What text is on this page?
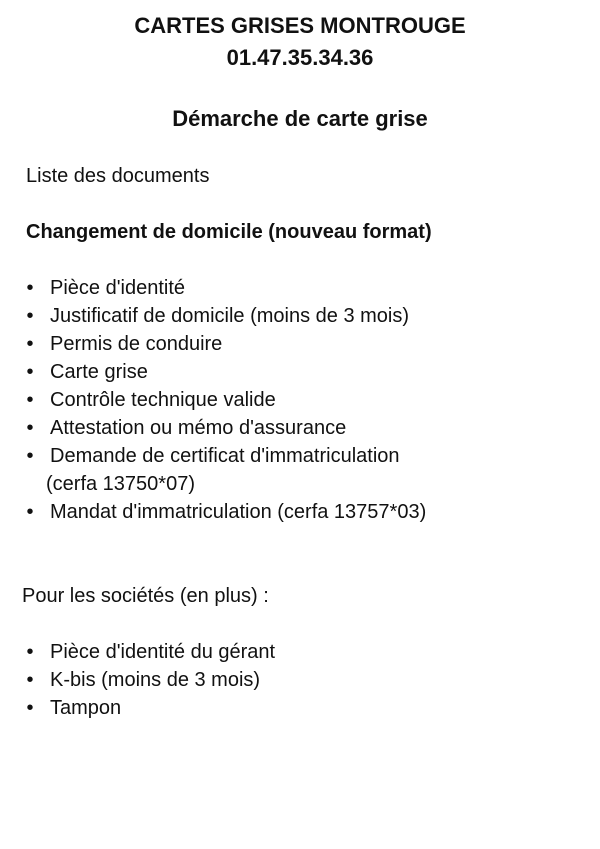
CARTES GRISES MONTROUGE
01.47.35.34.36
Démarche de carte grise
Liste des documents
Changement de domicile (nouveau format)
• Pièce d'identité
• Justificatif de domicile (moins de 3 mois)
• Permis de conduire
• Carte grise
• Contrôle technique valide
• Attestation ou mémo d'assurance
• Demande de certificat d'immatriculation
(cerfa 13750*07)
• Mandat d'immatriculation (cerfa 13757*03)
Pour les sociétés (en plus) :
• Pièce d'identité du gérant
• K-bis (moins de 3 mois)
• Tampon
